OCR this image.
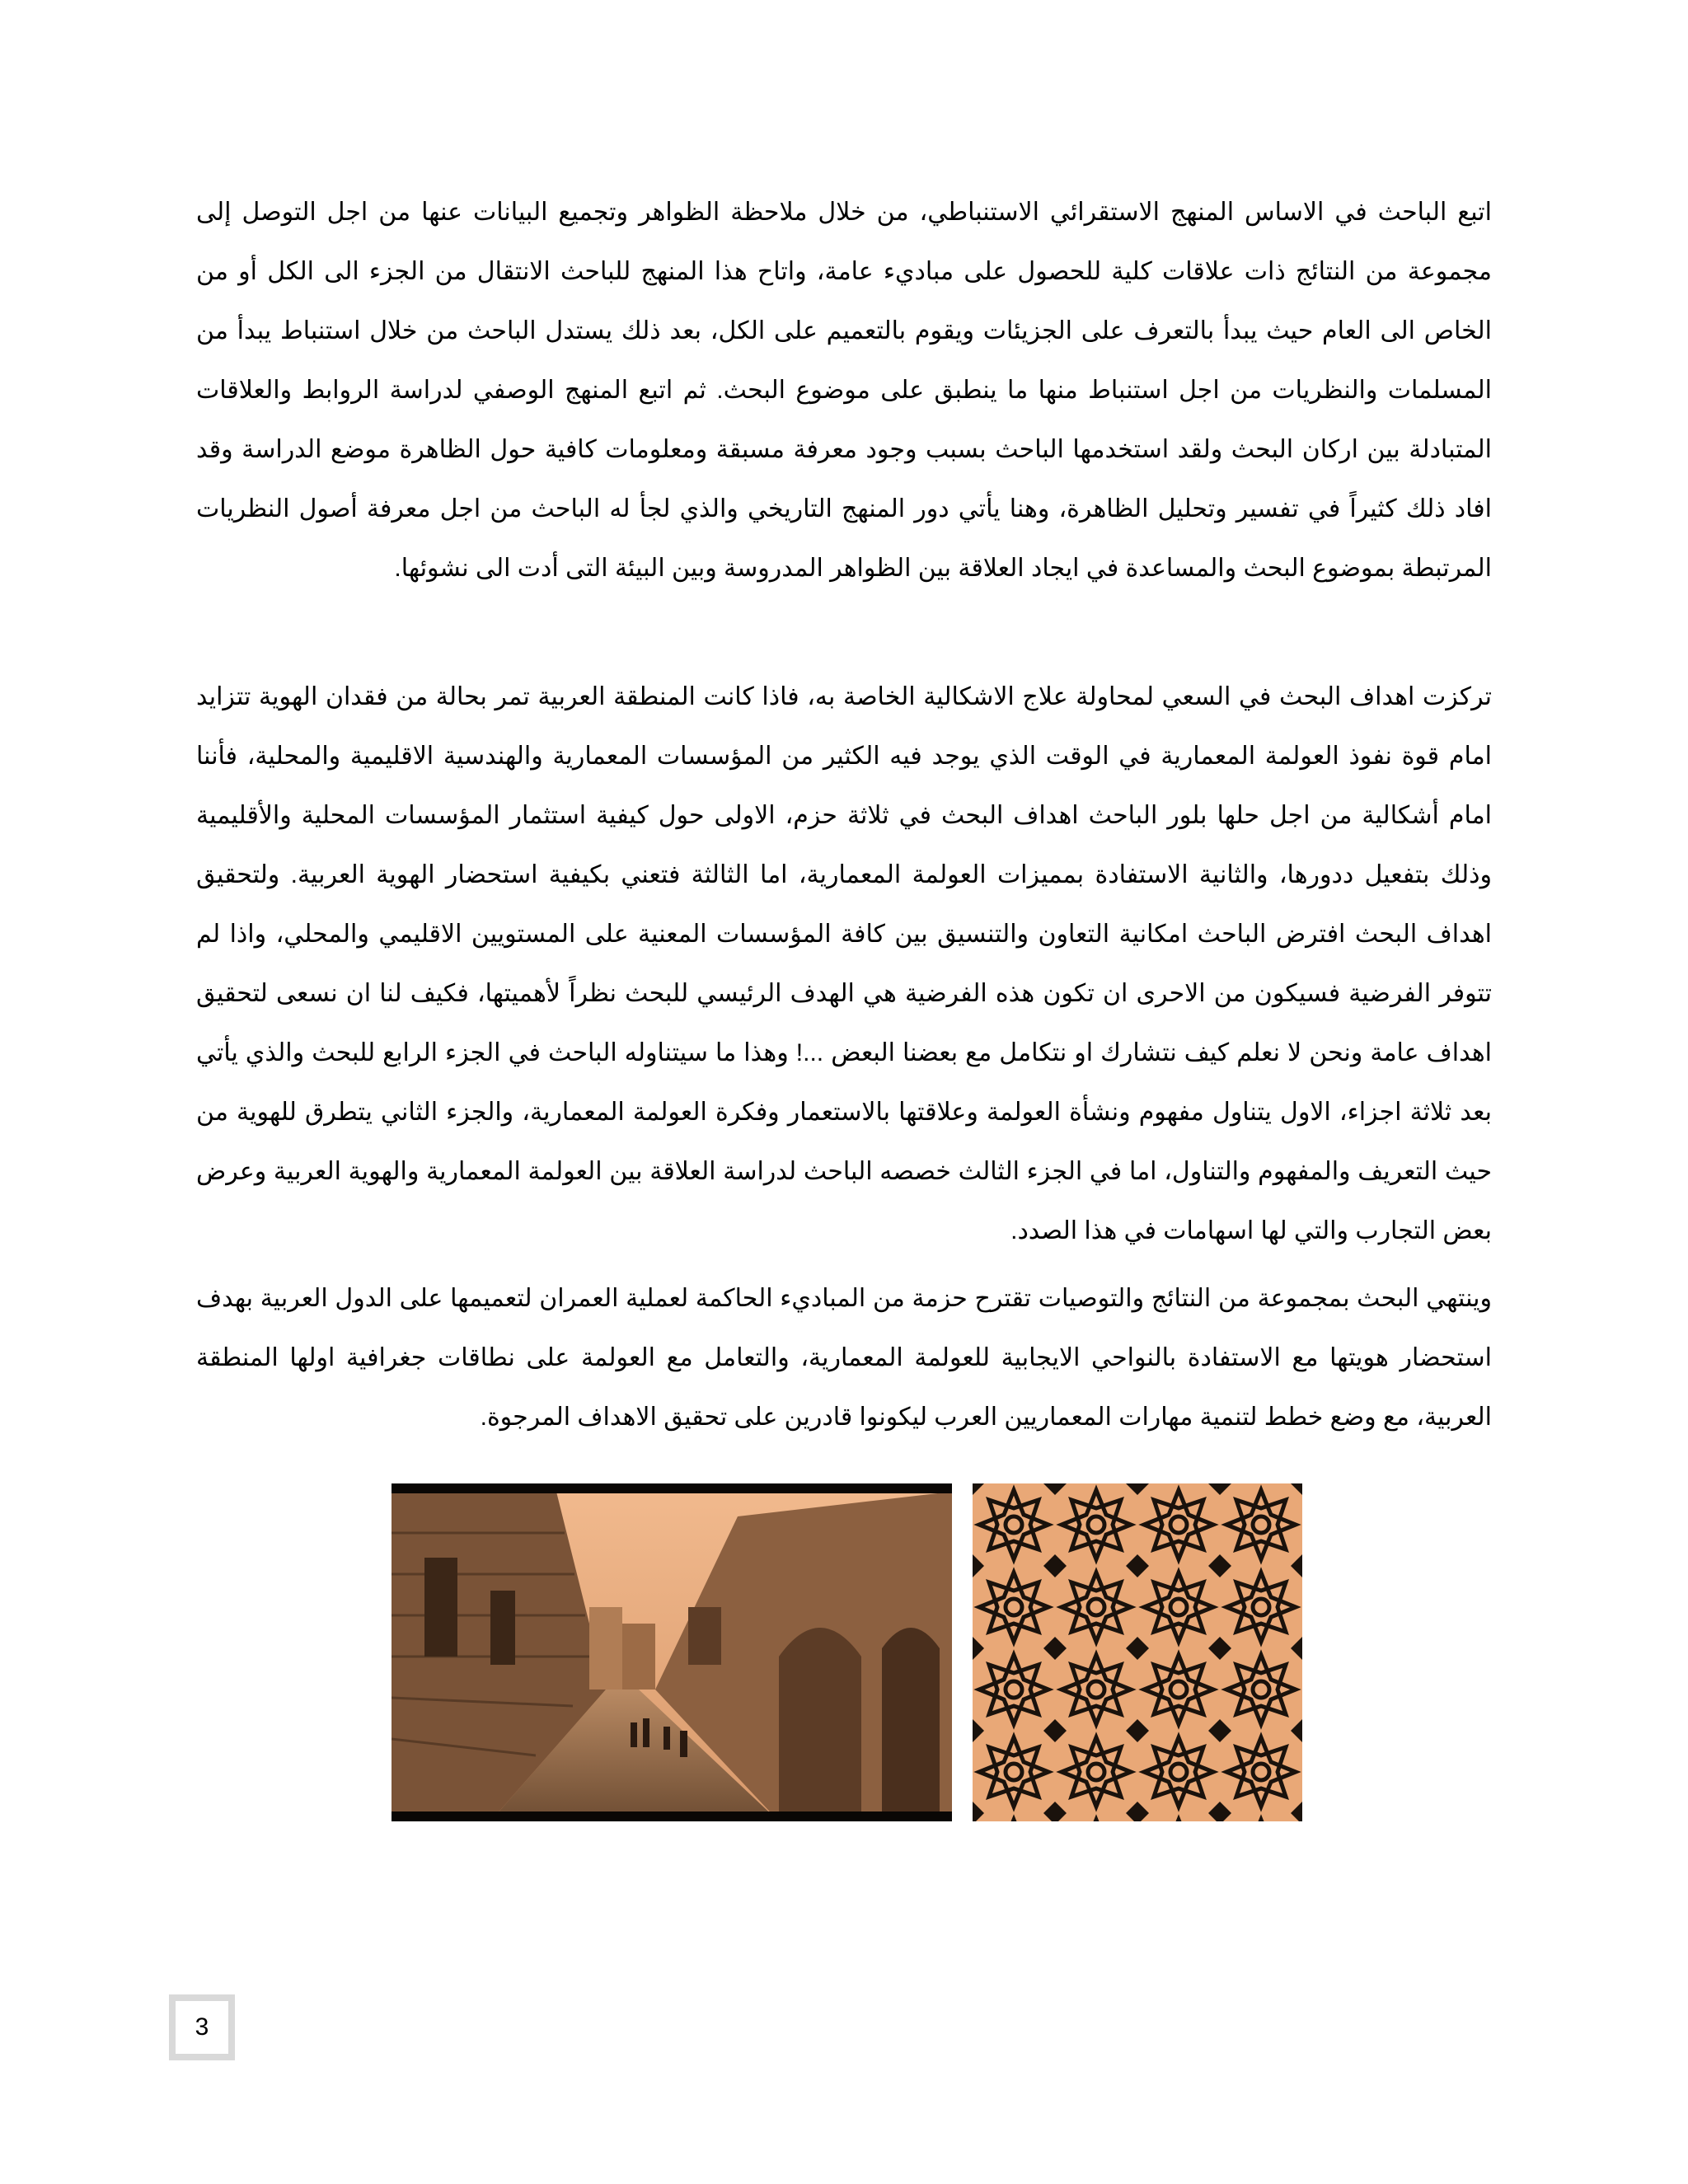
اتبع الباحث في الاساس المنهج الاستقرائي الاستنباطي، من خلال ملاحظة الظواهر وتجميع البيانات عنها من اجل التوصل إلى مجموعة من النتائج ذات علاقات كلية للحصول على مباديء عامة، واتاح هذا المنهج للباحث الانتقال من الجزء الى الكل أو من الخاص الى العام حيث يبدأ بالتعرف على الجزيئات ويقوم بالتعميم على الكل، بعد ذلك يستدل الباحث من خلال استنباط يبدأ من المسلمات والنظريات من اجل استنباط منها ما ينطبق على موضوع البحث. ثم اتبع المنهج الوصفي لدراسة الروابط والعلاقات المتبادلة بين اركان البحث ولقد استخدمها الباحث بسبب وجود معرفة مسبقة ومعلومات كافية حول الظاهرة موضع الدراسة وقد افاد ذلك كثيراً في تفسير وتحليل الظاهرة، وهنا يأتي دور المنهج التاريخي والذي لجأ له الباحث من اجل معرفة أصول النظريات المرتبطة بموضوع البحث والمساعدة في ايجاد العلاقة بين الظواهر المدروسة وبين البيئة التى أدت الى نشوئها.

تركزت اهداف البحث في السعي لمحاولة علاج الاشكالية الخاصة به، فاذا كانت المنطقة العربية تمر بحالة من فقدان الهوية تتزايد امام قوة نفوذ العولمة المعمارية في الوقت الذي يوجد فيه الكثير من المؤسسات المعمارية والهندسية الاقليمية والمحلية، فأننا امام أشكالية من اجل حلها بلور الباحث اهداف البحث في ثلاثة حزم، الاولى حول كيفية استثمار المؤسسات المحلية والأقليمية وذلك بتفعيل ددورها، والثانية الاستفادة بمميزات العولمة المعمارية، اما الثالثة فتعني بكيفية استحضار الهوية العربية. ولتحقيق اهداف البحث افترض الباحث امكانية التعاون والتنسيق بين كافة المؤسسات المعنية على المستويين الاقليمي والمحلي، واذا لم تتوفر الفرضية فسيكون من الاحرى ان تكون هذه الفرضية هي الهدف الرئيسي للبحث نظراً لأهميتها، فكيف لنا ان نسعى لتحقيق اهداف عامة ونحن لا نعلم كيف نتشارك او نتكامل مع بعضنا البعض ...! وهذا ما سيتناوله الباحث في الجزء الرابع للبحث والذي يأتي بعد ثلاثة اجزاء، الاول يتناول مفهوم ونشأة العولمة وعلاقتها بالاستعمار وفكرة العولمة المعمارية، والجزء الثاني يتطرق للهوية من حيث التعريف والمفهوم والتناول، اما في الجزء الثالث خصصه الباحث لدراسة العلاقة بين العولمة المعمارية والهوية العربية وعرض بعض التجارب والتي لها اسهامات في هذا الصدد.

وينتهي البحث بمجموعة من النتائج والتوصيات تقترح حزمة من المباديء الحاكمة لعملية العمران لتعميمها على الدول العربية بهدف استحضار هويتها مع الاستفادة بالنواحي الايجابية للعولمة المعمارية، والتعامل مع العولمة على نطاقات جغرافية اولها المنطقة العربية، مع وضع خطط لتنمية مهارات المعماريين العرب ليكونوا قادرين على تحقيق الاهداف المرجوة.

3
